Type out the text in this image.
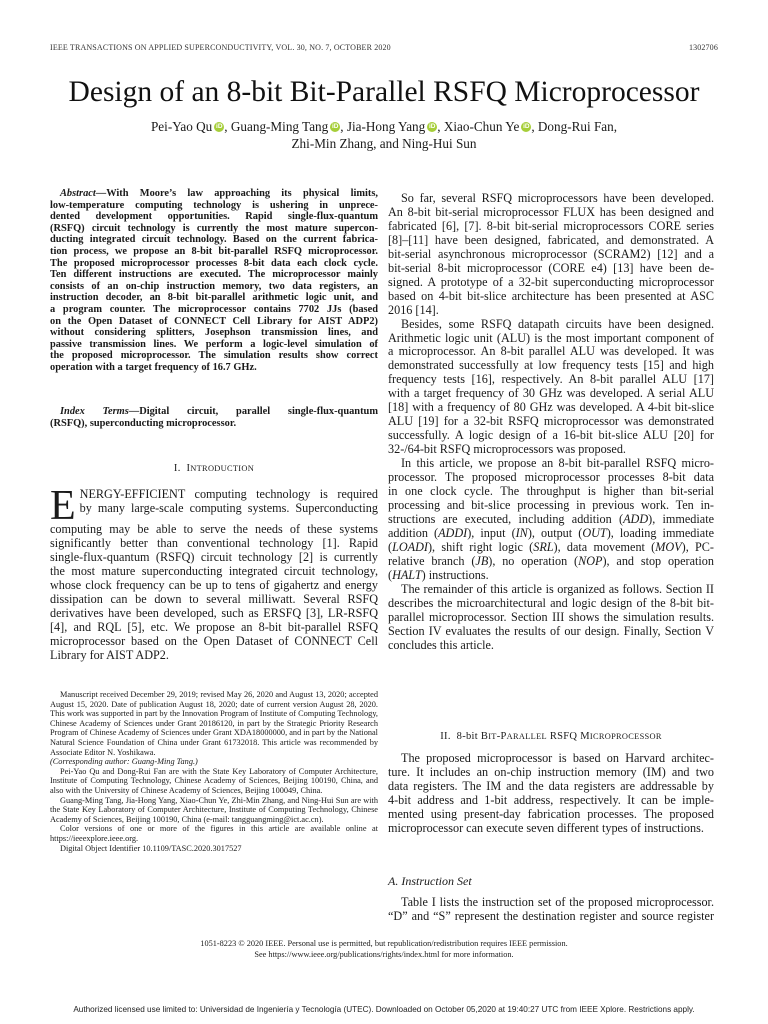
IEEE TRANSACTIONS ON APPLIED SUPERCONDUCTIVITY, VOL. 30, NO. 7, OCTOBER 2020	1302706
Design of an 8-bit Bit-Parallel RSFQ Microprocessor
Pei-Yao Qu iD , Guang-Ming Tang iD , Jia-Hong Yang iD , Xiao-Chun Ye iD , Dong-Rui Fan,
Zhi-Min Zhang, and Ning-Hui Sun

Abstract—With Moore’s law approaching its physical limits,

low-temperature computing technology is ushering in unprece-

dented development opportunities. Rapid single-flux-quantum

(RSFQ) circuit technology is currently the most mature supercon-

ducting integrated circuit technology. Based on the current fabrica-

tion process, we propose an 8-bit bit-parallel RSFQ microprocessor.

The proposed microprocessor processes 8-bit data each clock cycle.

Ten different instructions are executed. The microprocessor mainly

consists of an on-chip instruction memory, two data registers, an

instruction decoder, an 8-bit bit-parallel arithmetic logic unit, and

a program counter. The microprocessor contains 7702 JJs (based

on the Open Dataset of CONNECT Cell Library for AIST ADP2)

without considering splitters, Josephson transmission lines, and

passive transmission lines. We perform a logic-level simulation of

the proposed microprocessor. The simulation results show correct

operation with a target frequency of 16.7 GHz.

Index Terms—Digital circuit, parallel single-flux-quantum

(RSFQ), superconducting microprocessor.

I. INTRODUCTION
E NERGY-EFFICIENT computing technology is required

by many large-scale computing systems. Superconducting

computing may be able to serve the needs of these systems

significantly better than conventional technology [1]. Rapid

single-flux-quantum (RSFQ) circuit technology [2] is currently

the most mature superconducting integrated circuit technology,

whose clock frequency can be up to tens of gigahertz and energy

dissipation can be down to several milliwatt. Several RSFQ

derivatives have been developed, such as ERSFQ [3], LR-RSFQ

[4], and RQL [5], etc. We propose an 8-bit bit-parallel RSFQ

microprocessor based on the Open Dataset of CONNECT Cell

Library for AIST ADP2.

Manuscript received December 29, 2019; revised May 26, 2020 and August 13, 2020; accepted August 15, 2020. Date of publication August 18, 2020; date of current version August 28, 2020. This work was supported in part by the Innovation Program of Institute of Computing Technology, Chinese Academy of Sciences under Grant 20186120, in part by the Strategic Priority Research Program of Chinese Academy of Sciences under Grant XDA18000000, and in part by the National Natural Science Foundation of China under Grant 61732018. This article was recommended by Associate Editor N. Yoshikawa.

(Corresponding author: Guang-Ming Tang.)

Pei-Yao Qu and Dong-Rui Fan are with the State Key Laboratory of Computer Architecture, Institute of Computing Technology, Chinese Academy of Sciences, Beijing 100190, China, and also with the University of Chinese Academy of Sciences, Beijing 100049, China.

Guang-Ming Tang, Jia-Hong Yang, Xiao-Chun Ye, Zhi-Min Zhang, and Ning-Hui Sun are with the State Key Laboratory of Computer Architecture, Institute of Computing Technology, Chinese Academy of Sciences, Beijing 100190, China (e-mail: tangguangming@ict.ac.cn).

Color versions of one or more of the figures in this article are available online at https://ieeexplore.ieee.org.

Digital Object Identifier 10.1109/TASC.2020.3017527

So far, several RSFQ microprocessors have been developed.

An 8-bit bit-serial microprocessor FLUX has been designed and

fabricated [6], [7]. 8-bit bit-serial microprocessors CORE series

[8]–[11] have been designed, fabricated, and demonstrated. A

bit-serial asynchronous microprocessor (SCRAM2) [12] and a

bit-serial 8-bit microprocessor (CORE e4) [13] have been de-

signed. A prototype of a 32-bit superconducting microprocessor

based on 4-bit bit-slice architecture has been presented at ASC

2016 [14].

Besides, some RSFQ datapath circuits have been designed.

Arithmetic logic unit (ALU) is the most important component of

a microprocessor. An 8-bit parallel ALU was developed. It was

demonstrated successfully at low frequency tests [15] and high

frequency tests [16], respectively. An 8-bit parallel ALU [17]

with a target frequency of 30 GHz was developed. A serial ALU

[18] with a frequency of 80 GHz was developed. A 4-bit bit-slice

ALU [19] for a 32-bit RSFQ microprocessor was demonstrated

successfully. A logic design of a 16-bit bit-slice ALU [20] for

32-/64-bit RSFQ microprocessors was proposed.

In this article, we propose an 8-bit bit-parallel RSFQ micro-

processor. The proposed microprocessor processes 8-bit data

in one clock cycle. The throughput is higher than bit-serial

processing and bit-slice processing in previous work. Ten in-

structions are executed, including addition (ADD), immediate

addition (ADDI), input (IN), output (OUT), loading immediate

(LOADI), shift right logic (SRL), data movement (MOV), PC-

relative branch (JB), no operation (NOP), and stop operation

(HALT) instructions.

The remainder of this article is organized as follows. Section II

describes the microarchitectural and logic design of the 8-bit bit-

parallel microprocessor. Section III shows the simulation results.

Section IV evaluates the results of our design. Finally, Section V

concludes this article.

II. 8-bit BIT-PARALLEL RSFQ MICROPROCESSOR

The proposed microprocessor is based on Harvard architec-

ture. It includes an on-chip instruction memory (IM) and two

data registers. The IM and the data registers are addressable by

4-bit address and 1-bit address, respectively. It can be imple-

mented using present-day fabrication processes. The proposed

microprocessor can execute seven different types of instructions.

A. Instruction Set

Table I lists the instruction set of the proposed microprocessor.

“D” and “S” represent the destination register and source register

1051-8223 © 2020 IEEE. Personal use is permitted, but republication/redistribution requires IEEE permission.
See https://www.ieee.org/publications/rights/index.html for more information.
Authorized licensed use limited to: Universidad de Ingeniería y Tecnología (UTEC). Downloaded on October 05,2020 at 19:40:27 UTC from IEEE Xplore. Restrictions apply.
